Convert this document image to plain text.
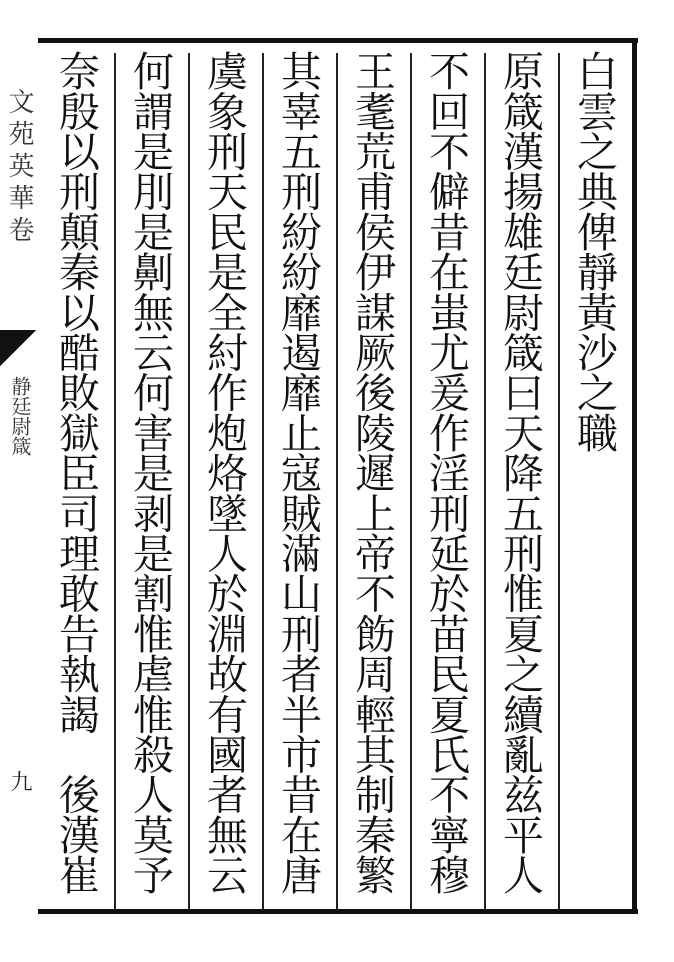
文苑英華卷
静廷尉箴
九
白雲之典俾靜黃沙之職
原箴漢揚雄廷尉箴曰天降五刑惟夏之續亂兹平人
不回不僻昔在蚩尤爰作淫刑延於苗民夏氏不寧穆
王耄荒甫侯伊謀厥後陵遲上帝不飭周輕其制秦繁
其辜五刑紛紛靡遏靡止寇賊滿山刑者半市昔在唐
虞象刑天民是全紂作炮烙墜人於淵故有國者無云
何謂是刖是劓無云何害是剥是割惟虐惟殺人莫予
奈殷以刑顛秦以酷敗獄臣司理敢告執謁　後漢崔
